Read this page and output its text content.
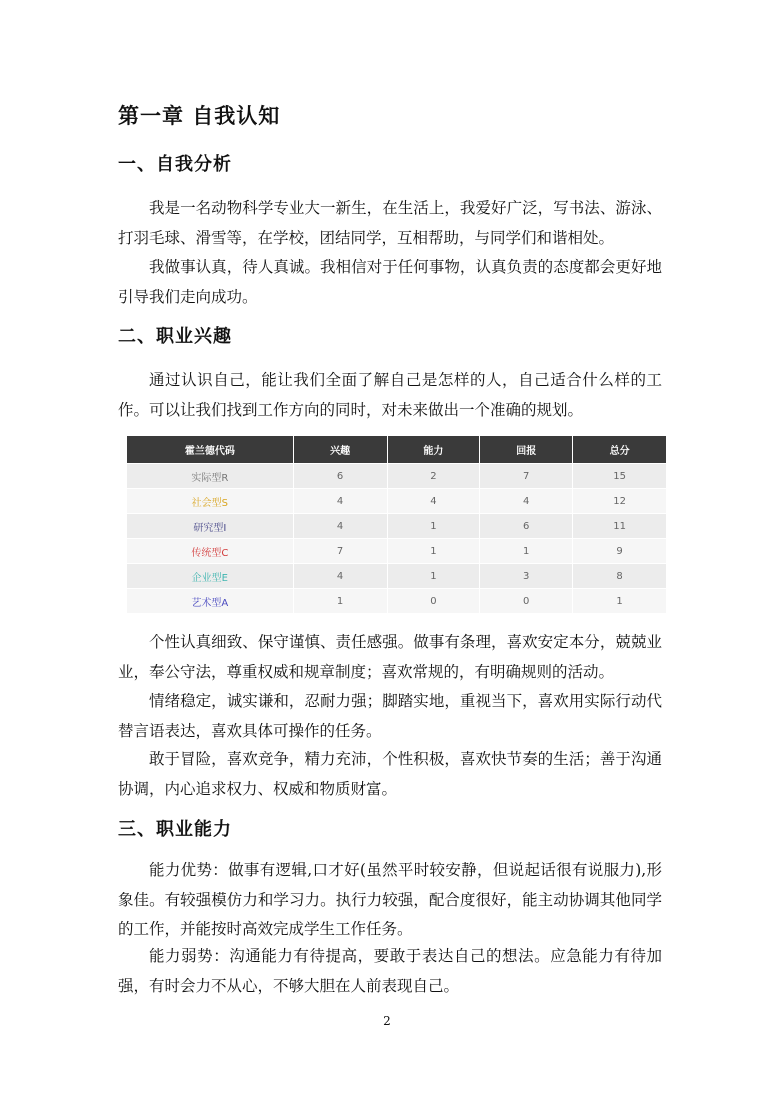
第一章 自我认知
一、自我分析

我是一名动物科学专业大一新生，在生活上，我爱好广泛，写书法、游泳、打羽毛球、滑雪等，在学校，团结同学，互相帮助，与同学们和谐相处。

我做事认真，待人真诚。我相信对于任何事物，认真负责的态度都会更好地引导我们走向成功。

二、职业兴趣

通过认识自己，能让我们全面了解自己是怎样的人，自己适合什么样的工作。可以让我们找到工作方向的同时，对未来做出一个准确的规划。

霍兰德代码	兴趣	能力	回报	总分
实际型R	6	2	7	15
社会型S	4	4	4	12
研究型I	4	1	6	11
传统型C	7	1	1	9
企业型E	4	1	3	8
艺术型A	1	0	0	1

个性认真细致、保守谨慎、责任感强。做事有条理，喜欢安定本分，兢兢业业，奉公守法，尊重权威和规章制度；喜欢常规的，有明确规则的活动。

情绪稳定，诚实谦和，忍耐力强；脚踏实地，重视当下，喜欢用实际行动代替言语表达，喜欢具体可操作的任务。

敢于冒险，喜欢竞争，精力充沛，个性积极，喜欢快节奏的生活；善于沟通协调，内心追求权力、权威和物质财富。

三、职业能力

能力优势：做事有逻辑,口才好(虽然平时较安静，但说起话很有说服力),形象佳。有较强模仿力和学习力。执行力较强，配合度很好，能主动协调其他同学的工作，并能按时高效完成学生工作任务。

能力弱势：沟通能力有待提高，要敢于表达自己的想法。应急能力有待加强，有时会力不从心，不够大胆在人前表现自己。

2
